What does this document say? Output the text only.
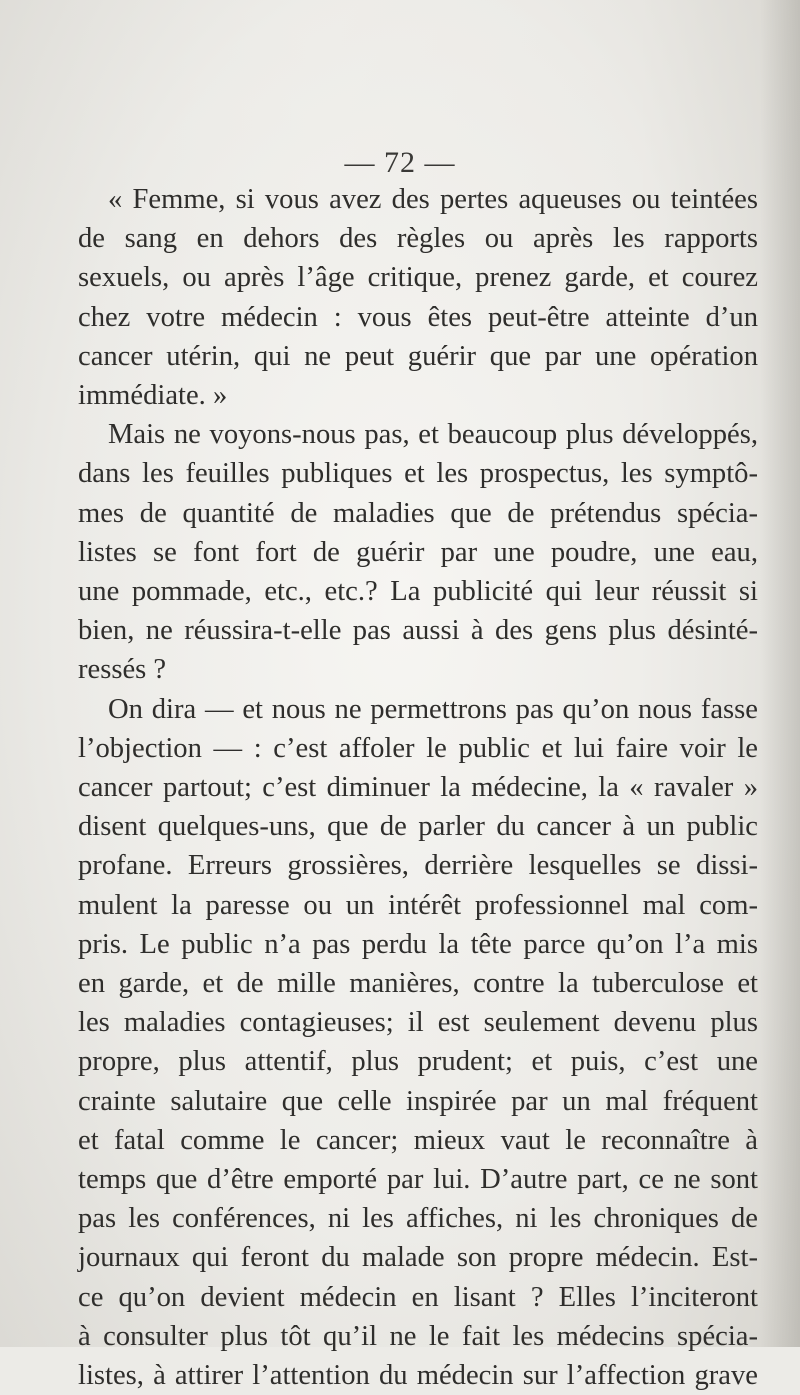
— 72 —
« Femme, si vous avez des pertes aqueuses ou teintées
de sang en dehors des règles ou après les rapports
sexuels, ou après l’âge critique, prenez garde, et courez
chez votre médecin : vous êtes peut-être atteinte d’un
cancer utérin, qui ne peut guérir que par une opération
immédiate. »
Mais ne voyons-nous pas, et beaucoup plus développés,
dans les feuilles publiques et les prospectus, les symptô-
mes de quantité de maladies que de prétendus spécia-
listes se font fort de guérir par une poudre, une eau,
une pommade, etc., etc.? La publicité qui leur réussit si
bien, ne réussira-t-elle pas aussi à des gens plus désinté-
ressés ?
On dira — et nous ne permettrons pas qu’on nous fasse
l’objection — : c’est affoler le public et lui faire voir le
cancer partout; c’est diminuer la médecine, la « ravaler »
disent quelques-uns, que de parler du cancer à un public
profane. Erreurs grossières, derrière lesquelles se dissi-
mulent la paresse ou un intérêt professionnel mal com-
pris. Le public n’a pas perdu la tête parce qu’on l’a mis
en garde, et de mille manières, contre la tuberculose et
les maladies contagieuses; il est seulement devenu plus
propre, plus attentif, plus prudent; et puis, c’est une
crainte salutaire que celle inspirée par un mal fréquent
et fatal comme le cancer; mieux vaut le reconnaître à
temps que d’être emporté par lui. D’autre part, ce ne sont
pas les conférences, ni les affiches, ni les chroniques de
journaux qui feront du malade son propre médecin. Est-
ce qu’on devient médecin en lisant ? Elles l’inciteront
à consulter plus tôt qu’il ne le fait les médecins spécia-
listes, à attirer l’attention du médecin sur l’affection grave
